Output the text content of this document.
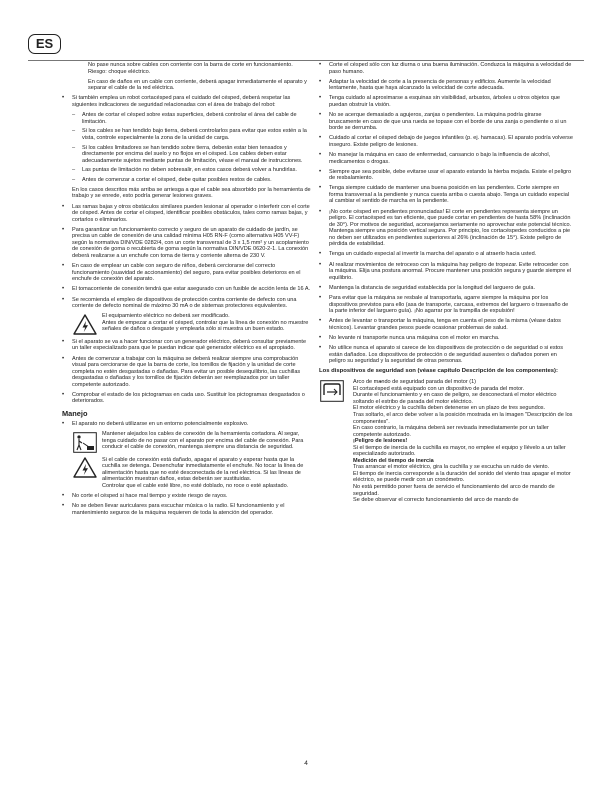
ES
No pase nunca sobre cables con corriente con la barra de corte en funcionamiento. Riesgo: choque eléctrico.
En caso de daños en un cable con corriente, deberá apagar inmediatamente el aparato y separar el cable de la red eléctrica.
• Si también emplea un robot cortacésped para el cuidado del césped, deberá respetar las siguientes indicaciones de seguridad relacionadas con el área de trabajo del robot:
– Antes de cortar el césped sobre estas superficies, deberá controlar el área del cable de limitación.
– Si los cables se han tendido bajo tierra, deberá controlarlos para evitar que estos estén a la vista, controle especialmente la zona de la unidad de carga.
– Si los cables limitadores se han tendido sobre tierra, deberán estar bien tensados y directamente por encima del suelo y no flojos en el césped. Los cables deben estar adecuadamente sujetos mediante puntas de limitación, véase el manual de instrucciones.
– Las puntas de limitación no deben sobresalir, en estos casos deberá volver a hundirlas.
– Antes de comenzar a cortar el césped, debe quitar posibles restos de cables.
En los casos descritos más arriba se arriesga a que el cable sea absorbido por la herramienta de trabajo y se enrede, esto podría generar lesiones graves.
• Las ramas bajas y otros obstáculos similares pueden lesionar al operador o interferir con el corte de césped. Antes de cortar el césped, identificar posibles obstáculos, tales como ramas bajas, y cortarlos o eliminarlos.
• Para garantizar un funcionamiento correcto y seguro de un aparato de cuidado de jardín, se precisa un cable de conexión de una calidad mínima H05 RN-F (como alternativa H05 VV-F) según la normativa DIN/VDE 0282/4, con un corte transversal de 3 x 1,5 mm² y un acoplamiento de conexión de goma o recubierta de goma según la normativa DIN/VDE 0620-2-1. La conexión deberá realizarse a un enchufe con toma de tierra y corriente alterna de 230 V.
• En caso de emplear un cable con seguro de niños, deberá cerciorarse del correcto funcionamiento (suavidad de accionamiento) del seguro, para evitar posibles deterioros en el enchufe de conexión del aparato.
• El tomacorriente de conexión tendrá que estar asegurado con un fusible de acción lenta de 16 A.
• Se recomienda el empleo de dispositivos de protección contra corriente de defecto con una corriente de defecto nominal de máximo 30 mA o de sistemas protectores equivalentes.
El equipamiento eléctrico no deberá ser modificado.
Antes de empezar a cortar el césped, controlar que la línea de conexión no muestre señales de daños o desgaste y emplearla sólo si muestra un buen estado.
• Si el aparato se va a hacer funcionar con un generador eléctrico, deberá consultar previamente un taller especializado para que le puedan indicar qué generador eléctrico es el apropiado.
• Antes de comenzar a trabajar con la máquina se deberá realizar siempre una comprobación visual para cerciorarse de que la barra de corte, los tornillos de fijación y la unidad de corte completa no estén desgastadas o dañadas. Para evitar un posible desequilibrio, las cuchillas desgastadas o dañadas y los tornillos de fijación deberán ser reemplazados por un taller competente autorizado.
• Comprobar el estado de los pictogramas en cada uso. Sustituir los pictogramas desgastados o deteriorados.
Manejo
• El aparato no deberá utilizarse en un entorno potencialmente explosivo.
Mantener alejados los cables de conexión de la herramienta cortadora. Al segar, tenga cuidado de no pasar con el aparato por encima del cable de conexión. Para conducir el cable de conexión, mantenga siempre una distancia de seguridad.
Si el cable de conexión está dañado, apagar el aparato y esperar hasta que la cuchilla se detenga. Desenchufar inmediatamente el enchufe. No tocar la línea de alimentación hasta que no esté desconectada de la red eléctrica. Si las líneas de alimentación muestran daños, estas deberán ser sustituidas.
Controlar que el cable esté libre, no esté doblado, no roce o esté aplastado.
• No corte el césped si hace mal tiempo y existe riesgo de rayos.
• No se deben llevar auriculares para escuchar música o la radio. El funcionamiento y el mantenimiento seguros de la máquina requieren de toda la atención del operador.
• Corte el césped sólo con luz diurna o una buena iluminación. Conduzca la máquina a velocidad de paso humano.
• Adaptar la velocidad de corte a la presencia de personas y edificios. Aumente la velocidad lentamente, hasta que haya alcanzado la velocidad de corte adecuada.
• Tenga cuidado al aproximarse a esquinas sin visibilidad, arbustos, árboles u otros objetos que puedan obstruir la visión.
• No se acerque demasiado a agujeros, zanjas o pendientes. La máquina podría girarse bruscamente en caso de que una rueda se topase con el borde de una zanja o pendiente o si un borde se derrumba.
• Cuidado al cortar el césped debajo de juegos infantiles (p. ej. hamacas). El aparato podría volverse inseguro. Existe peligro de lesiones.
• No manejar la máquina en caso de enfermedad, cansancio o bajo la influencia de alcohol, medicamentos o drogas.
• Siempre que sea posible, debe evitarse usar el aparato estando la hierba mojada. Existe el peligro de resbalamiento.
• Tenga siempre cuidado de mantener una buena posición en las pendientes. Corte siempre en forma transversal a la pendiente y nunca cuesta arriba o cuesta abajo. Tenga un cuidado especial al cambiar el sentido de marcha en la pendiente.
• ¡No corte césped en pendientes pronunciadas! El corte en pendientes representa siempre un peligro. El cortacésped es tan eficiente, que puede cortar en pendientes de hasta 58% (inclinación de 30°). Por motivos de seguridad, aconsejamos seriamente no aprovechar este potencial técnico. Mantenga siempre una posición vertical segura. Por principio, los cortacéspedes conducidos a pie no deben ser utilizados en pendientes superiores al 26% (inclinación de 15°). Existe peligro de pérdida de estabilidad.
• Tenga un cuidado especial al invertir la marcha del aparato o al atraerlo hacia usted.
• Al realizar movimientos de retroceso con la máquina hay peligro de tropezar. Evite retroceder con la máquina. Elija una postura anormal. Procure mantener una posición segura y guarde siempre el equilibrio.
• Mantenga la distancia de seguridad establecida por la longitud del larguero de guía.
• Para evitar que la máquina se resbale al transportarla, agarre siempre la máquina por los dispositivos previstos para ello (asa de transporte, carcasa, extremos del larguero o travesaño de la parte inferior del larguero guía). ¡No agarrar por la trampilla de expulsión!
• Antes de levantar o transportar la máquina, tenga en cuenta el peso de la misma (véase datos técnicos). Levantar grandes pesos puede ocasionar problemas de salud.
• No levante ni transporte nunca una máquina con el motor en marcha.
• No utilice nunca el aparato si carece de los dispositivos de protección o de seguridad o si estos están dañados. Los dispositivos de protección o de seguridad ausentes o dañados ponen en peligro su seguridad y la seguridad de otras personas.
Los dispositivos de seguridad son (véase capítulo Descripción de los componentes):
– Arco de mando de seguridad parada del motor (1)
El cortacésped está equipado con un dispositivo de parada del motor.
Durante el funcionamiento y en caso de peligro, se desconectará el motor eléctrico soltando el estribo de parada del motor eléctrico.
El motor eléctrico y la cuchilla deben detenerse en un plazo de tres segundos.
Tras soltarlo, el arco debe volver a la posición mostrada en la imagen "Descripción de los componentes".
En caso contrario, la máquina deberá ser revisada inmediatamente por un taller competente autorizado.
¡Peligro de lesiones!
Si el tiempo de inercia de la cuchilla es mayor, no emplee el equipo y llévelo a un taller especializado autorizado.
Medición del tiempo de inercia
Tras arrancar el motor eléctrico, gira la cuchilla y se escucha un ruido de viento.
El tiempo de inercia corresponde a la duración del sonido del viento tras apagar el motor eléctrico, se puede medir con un cronómetro.
No está permitido poner fuera de servicio el funcionamiento del arco de mando de seguridad.
Se debe observar el correcto funcionamiento del arco de mando de
4
